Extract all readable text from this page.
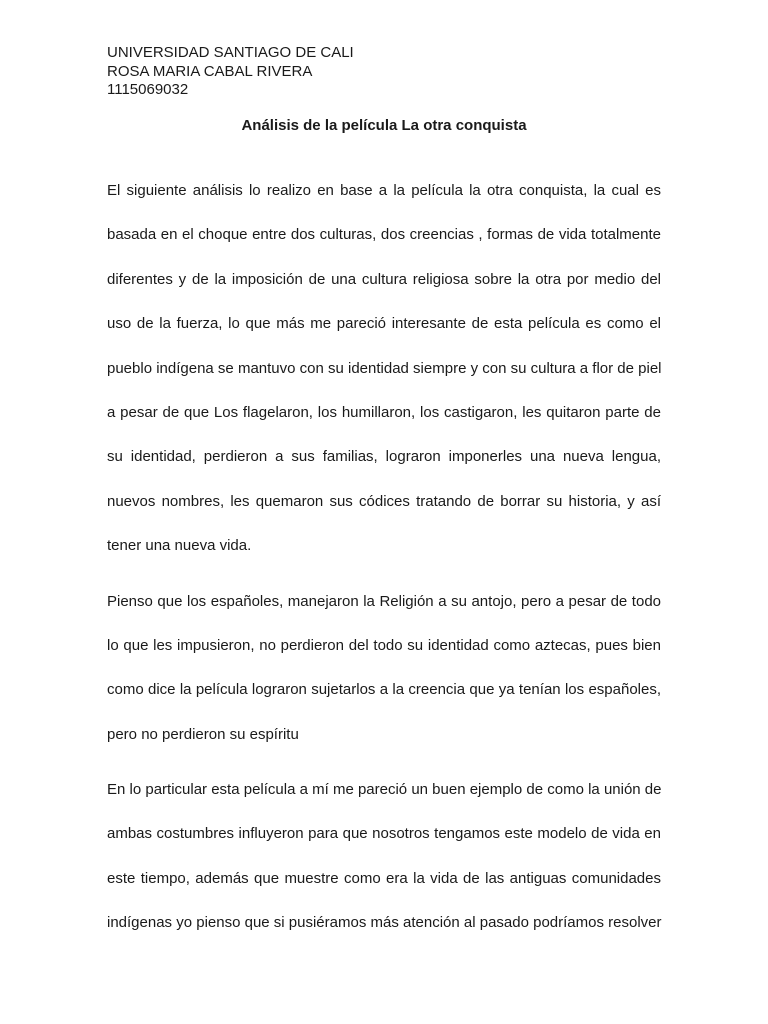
UNIVERSIDAD SANTIAGO DE CALI
ROSA MARIA CABAL RIVERA
1115069032
Análisis de la película La otra conquista
El siguiente análisis lo realizo en base a la película la otra conquista, la cual es
basada en el choque entre dos culturas, dos creencias , formas de vida totalmente
diferentes y de la imposición de una cultura religiosa sobre la otra por medio del
uso de la fuerza, lo que más me pareció interesante de esta película es como el
pueblo indígena se mantuvo con su identidad siempre y con su cultura a flor de piel
a pesar de que Los flagelaron, los humillaron, los castigaron, les quitaron parte de
su identidad, perdieron a sus familias, lograron imponerles una nueva lengua,
nuevos nombres, les quemaron sus códices tratando de borrar su historia, y así
tener una nueva vida.
Pienso que los españoles, manejaron la Religión a su antojo, pero a pesar de todo
lo que les impusieron, no perdieron del todo su identidad como aztecas, pues bien
como dice la película lograron sujetarlos a la creencia que ya tenían los españoles,
pero no perdieron su espíritu
En lo particular esta película a mí me pareció un buen ejemplo de como la unión de
ambas costumbres influyeron para que nosotros tengamos este modelo de vida en
este tiempo, además que muestre como era la vida de las antiguas comunidades
indígenas yo pienso que si pusiéramos más atención al pasado podríamos resolver
